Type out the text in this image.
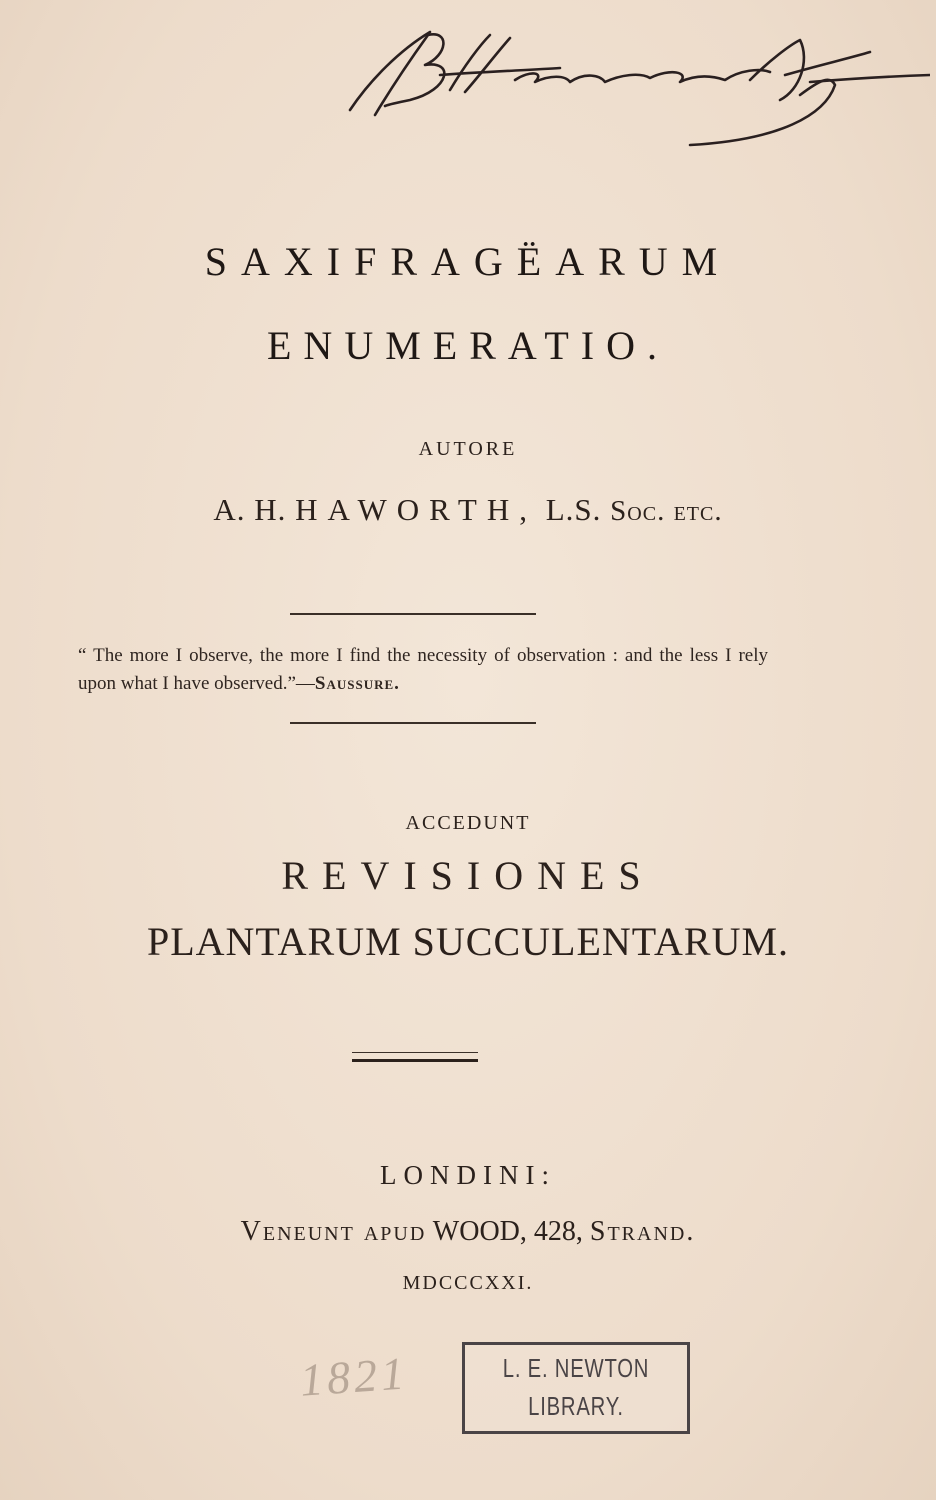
SAXIFRAGËARUM
ENUMERATIO.
AUTORE
A. H. HAWORTH, L.S. Soc. etc.
“ The more I observe, the more I find the necessity of observation : and the less I rely upon what I have observed.”—Saussure.
ACCEDUNT
REVISIONES
PLANTARUM SUCCULENTARUM.
LONDINI:
Veneunt apud WOOD, 428, Strand.
MDCCCXXI.
1821	L. E. NEWTON
LIBRARY.
